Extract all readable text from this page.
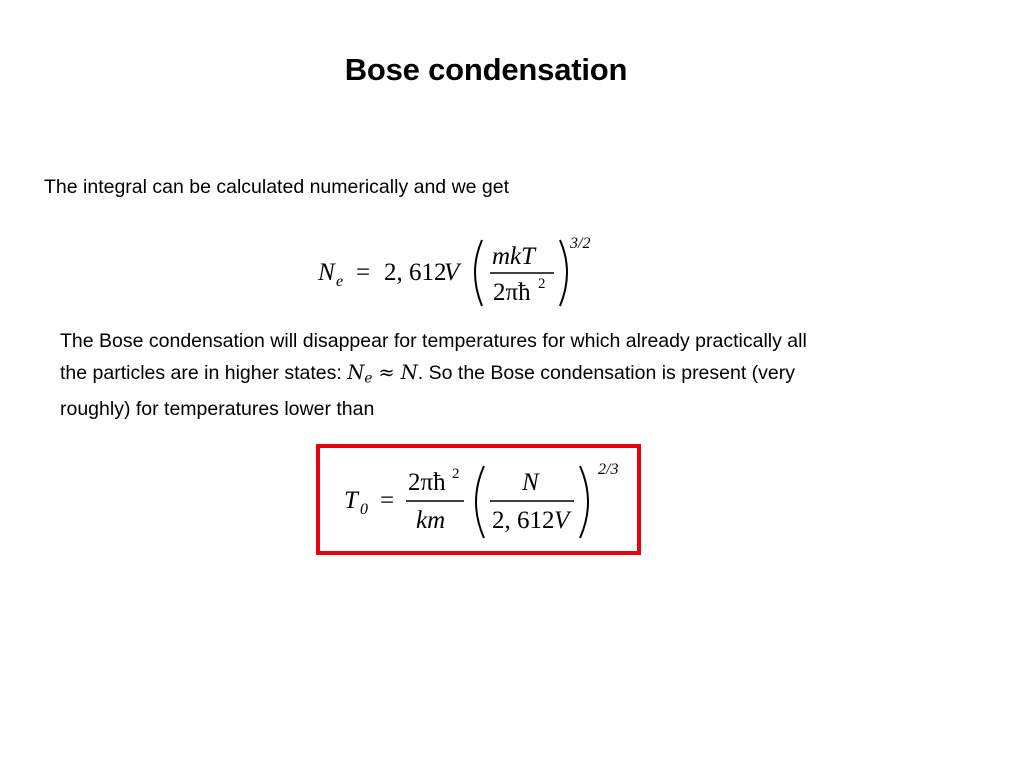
Bose condensation
The integral can be calculated numerically and we get
N e = 2, 612
V
mkT
2πħ 2
3/2
The Bose condensation will disappear for temperatures for which already practically all
the particles are in higher states: Ne ≈ N. So the Bose condensation is present (very
roughly) for temperatures lower than
T 0 =
2πħ 2
km
N
2, 612 V
2/3
